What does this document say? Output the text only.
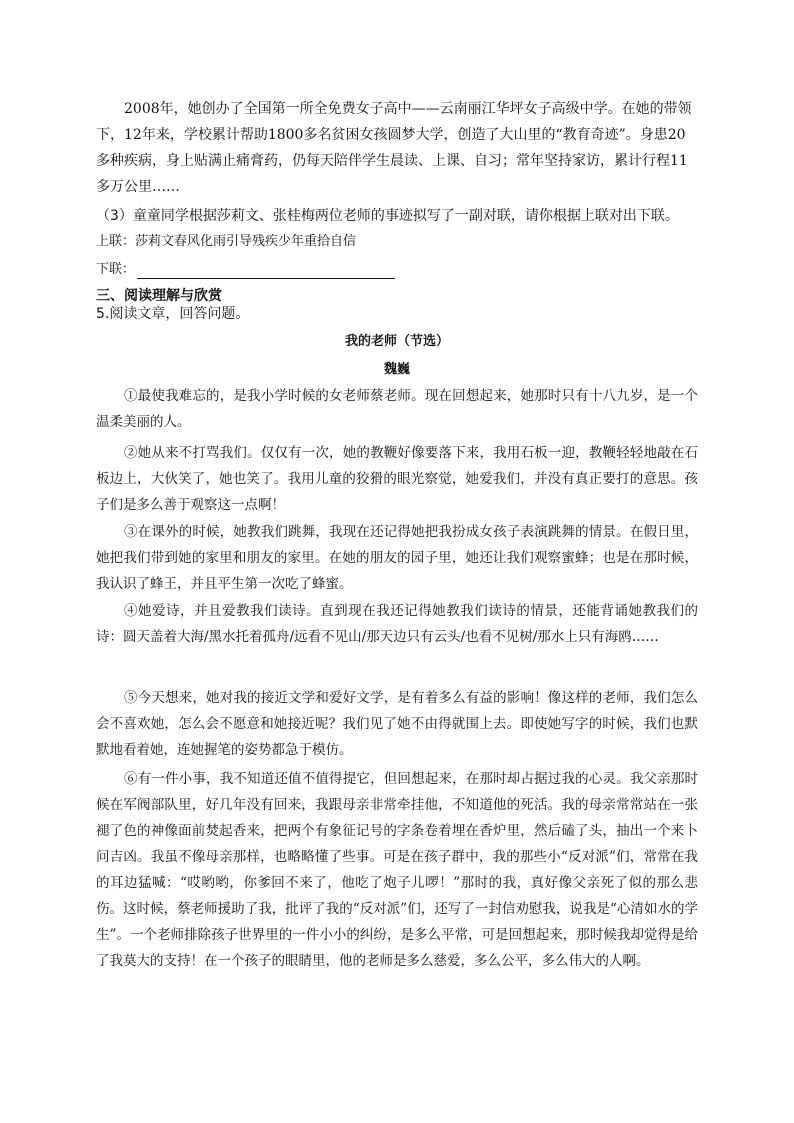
2008年，她创办了全国第一所全免费女子高中——云南丽江华坪女子高级中学。在她的带领下，12年来，学校累计帮助1800多名贫困女孩圆梦大学，创造了大山里的“教育奇迹”。身患20多种疾病，身上贴满止痛膏药，仍每天陪伴学生晨读、上课、自习；常年坚持家访，累计行程11多万公里……
（3）童童同学根据莎莉文、张桂梅两位老师的事迹拟写了一副对联，请你根据上联对出下联。
上联：莎莉文春风化雨引导残疾少年重拾自信
下联：
三、阅读理解与欣赏
5.阅读文章，回答问题。
我的老师（节选）
魏巍
①最使我难忘的，是我小学时候的女老师蔡老师。现在回想起来，她那时只有十八九岁，是一个温柔美丽的人。
②她从来不打骂我们。仅仅有一次，她的教鞭好像要落下来，我用石板一迎，教鞭轻轻地敲在石板边上，大伙笑了，她也笑了。我用儿童的狡猾的眼光察觉，她爱我们，并没有真正要打的意思。孩子们是多么善于观察这一点啊！
③在课外的时候，她教我们跳舞，我现在还记得她把我扮成女孩子表演跳舞的情景。在假日里，她把我们带到她的家里和朋友的家里。在她的朋友的园子里，她还让我们观察蜜蜂；也是在那时候，我认识了蜂王，并且平生第一次吃了蜂蜜。
④她爱诗，并且爱教我们读诗。直到现在我还记得她教我们读诗的情景，还能背诵她教我们的诗：圆天盖着大海/黑水托着孤舟/远看不见山/那天边只有云头/也看不见树/那水上只有海鸥……
⑤今天想来，她对我的接近文学和爱好文学，是有着多么有益的影响！像这样的老师，我们怎么会不喜欢她，怎么会不愿意和她接近呢？我们见了她不由得就围上去。即使她写字的时候，我们也默默地看着她，连她握笔的姿势都急于模仿。
⑥有一件小事，我不知道还值不值得提它，但回想起来，在那时却占据过我的心灵。我父亲那时候在军阀部队里，好几年没有回来，我跟母亲非常牵挂他，不知道他的死活。我的母亲常常站在一张褪了色的神像面前焚起香来，把两个有象征记号的字条卷着埋在香炉里，然后磕了头，抽出一个来卜问吉凶。我虽不像母亲那样，也略略懂了些事。可是在孩子群中，我的那些小“反对派”们，常常在我的耳边猛喊：“哎哟哟，你爹回不来了，他吃了炮子儿啰！”那时的我，真好像父亲死了似的那么悲伤。这时候，蔡老师援助了我，批评了我的“反对派”们，还写了一封信劝慰我，说我是“心清如水的学生”。一个老师排除孩子世界里的一件小小的纠纷，是多么平常，可是回想起来，那时候我却觉得是给了我莫大的支持！在一个孩子的眼睛里，他的老师是多么慈爱，多么公平，多么伟大的人啊。
